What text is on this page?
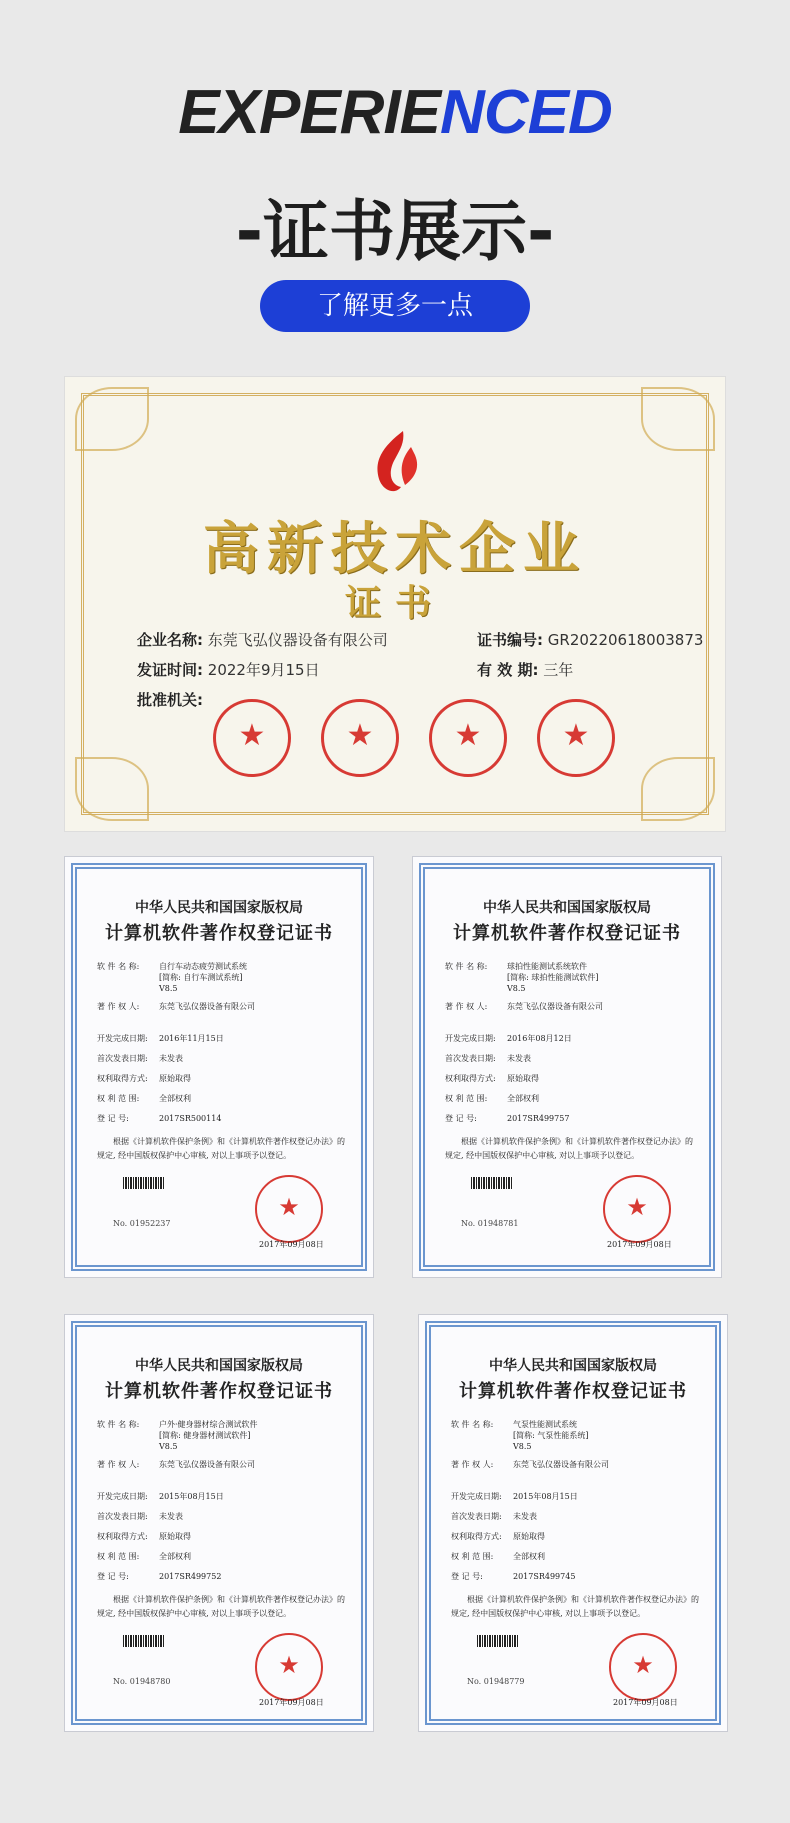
EXPERIENCED
-证书展示-
了解更多一点
高新技术企业
证书
企业名称: 东莞飞弘仪器设备有限公司	证书编号: GR20220618003873
发证时间: 2022年9月15日	有 效 期: 三年
批准机关:
★	★	★	★
中华人民共和国国家版权局
计算机软件著作权登记证书
软 件 名 称: 自行车动态疲劳测试系统
[简称: 自行车测试系统]
V8.5
著 作 权 人: 东莞飞弘仪器设备有限公司
开发完成日期: 2016年11月15日
首次发表日期: 未发表
权利取得方式: 原始取得
权 利 范 围: 全部权利
登 记 号:	2017SR500114
根据《计算机软件保护条例》和《计算机软件著作权登记办法》的
规定, 经中国版权保护中心审核, 对以上事项予以登记。
★
No. 01952237
2017年09月08日
中华人民共和国国家版权局
计算机软件著作权登记证书
软 件 名 称: 球拍性能测试系统软件
[简称: 球拍性能测试软件]
V8.5
著 作 权 人: 东莞飞弘仪器设备有限公司
开发完成日期: 2016年08月12日
首次发表日期: 未发表
权利取得方式: 原始取得
权 利 范 围: 全部权利
登 记 号:	2017SR499757
根据《计算机软件保护条例》和《计算机软件著作权登记办法》的
规定, 经中国版权保护中心审核, 对以上事项予以登记。
★
No. 01948781
2017年09月08日
中华人民共和国国家版权局
计算机软件著作权登记证书
软 件 名 称: 户外·健身器材综合测试软件
[简称: 健身器材测试软件]
V8.5
著 作 权 人: 东莞飞弘仪器设备有限公司
开发完成日期: 2015年08月15日
首次发表日期: 未发表
权利取得方式: 原始取得
权 利 范 围: 全部权利
登 记 号:	2017SR499752
根据《计算机软件保护条例》和《计算机软件著作权登记办法》的
规定, 经中国版权保护中心审核, 对以上事项予以登记。
★
No. 01948780
2017年09月08日
中华人民共和国国家版权局
计算机软件著作权登记证书
软 件 名 称: 气泵性能测试系统
[简称: 气泵性能系统]
V8.5
著 作 权 人: 东莞飞弘仪器设备有限公司
开发完成日期: 2015年08月15日
首次发表日期: 未发表
权利取得方式: 原始取得
权 利 范 围: 全部权利
登 记 号:	2017SR499745
根据《计算机软件保护条例》和《计算机软件著作权登记办法》的
规定, 经中国版权保护中心审核, 对以上事项予以登记。
★
No. 01948779
2017年09月08日
